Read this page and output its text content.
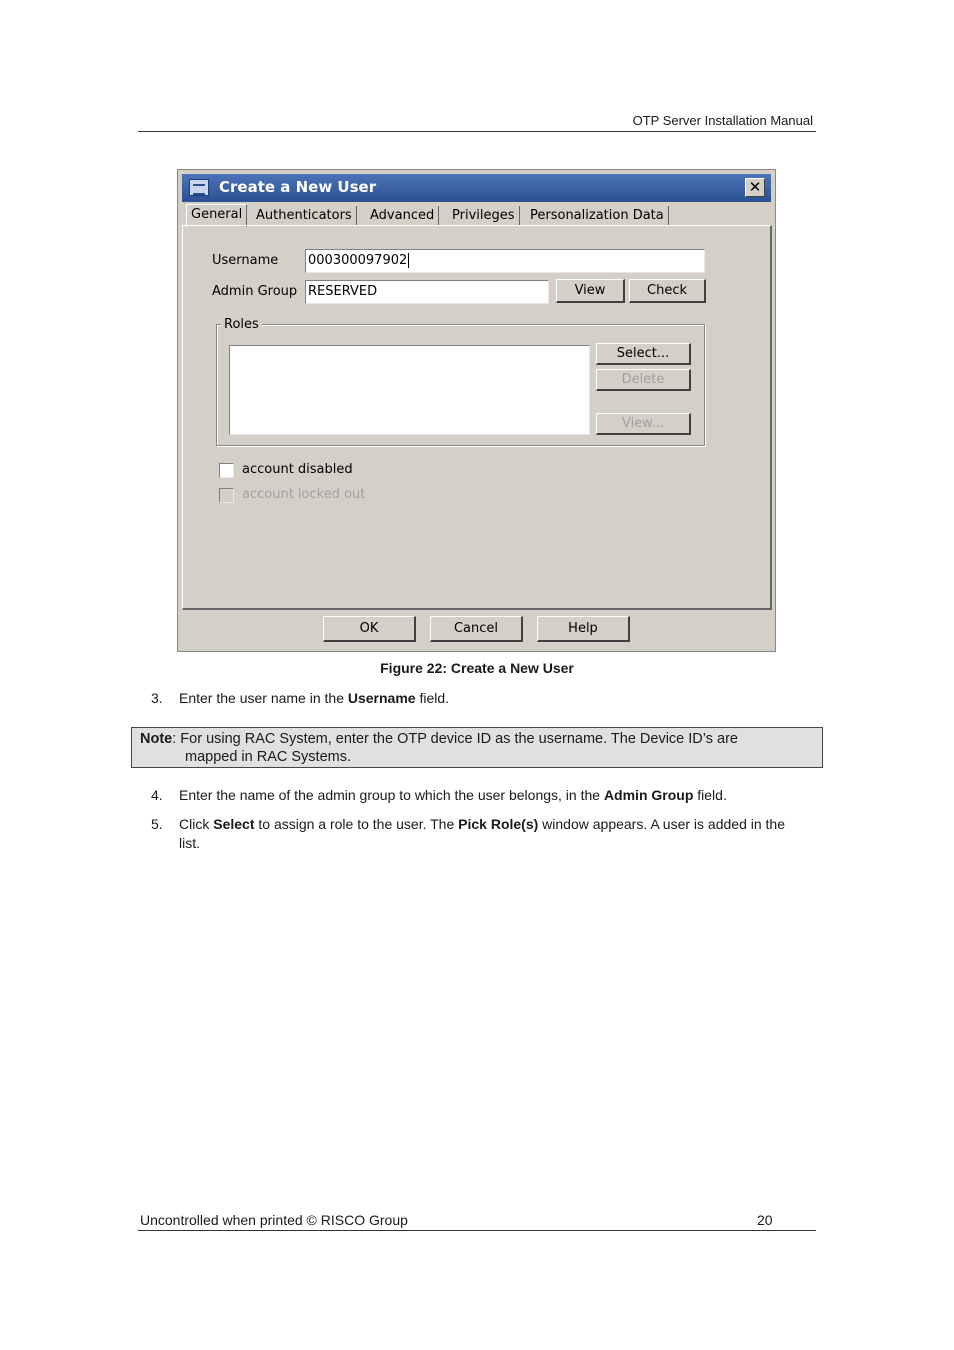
OTP Server Installation Manual
Create a New User	✕
General	Authenticators	Advanced	Privileges	Personalization Data
Username 000300097902
Admin Group RESERVED	View	Check
Roles
Select...
Delete
View...
account disabled
account locked out
OK	Cancel	Help
Figure 22: Create a New User
3. Enter the user name in the Username field.
Note: For using RAC System, enter the OTP device ID as the username. The Device ID’s are
mapped in RAC Systems.
4. Enter the name of the admin group to which the user belongs, in the Admin Group field.
5. Click Select to assign a role to the user. The Pick Role(s) window appears. A user is added in the list.
Uncontrolled when printed © RISCO Group	20
